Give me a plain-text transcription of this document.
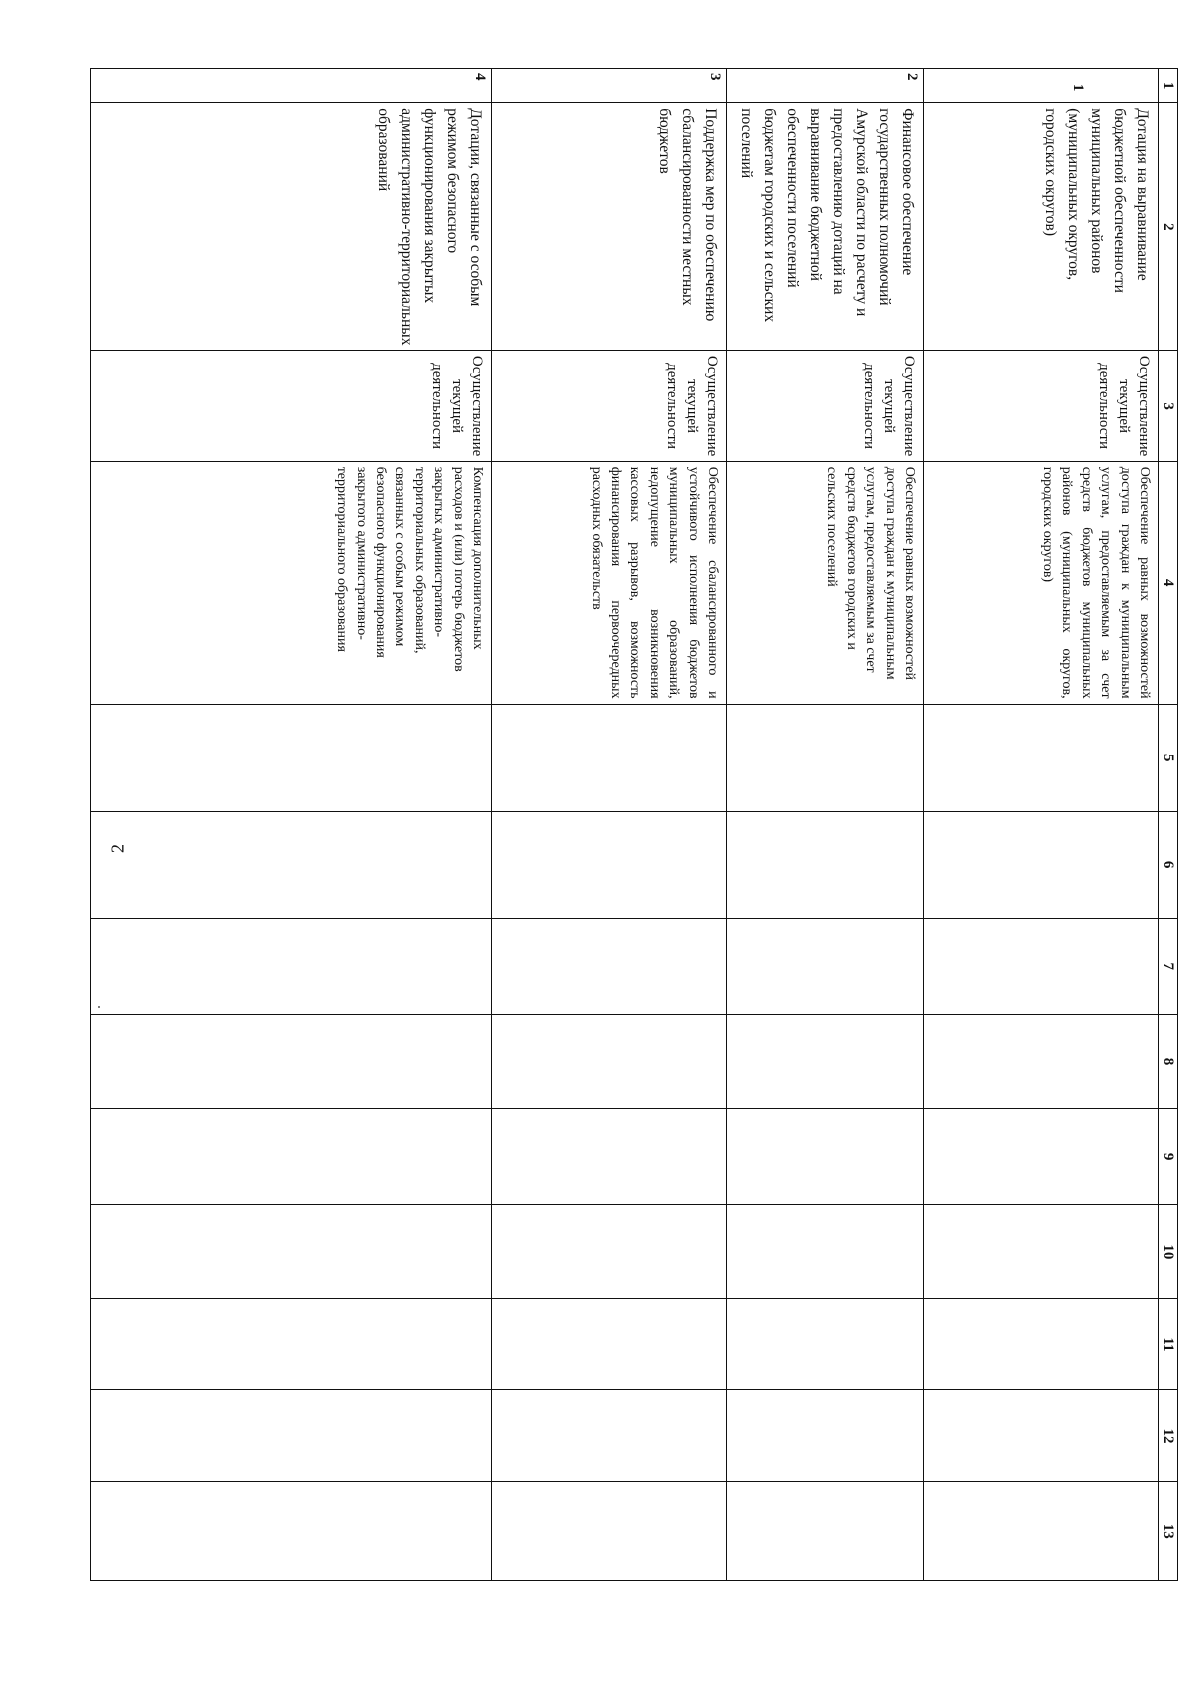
2
1	2	3	4	5	6	7	8	9	10	11	12	13
1	Дотация на выравнивание бюджетной обеспеченности муниципальных районов (муниципальных округов, городских округов)	Осуществление текущей деятельности	Обеспечение равных возможностей доступа граждан к муниципальным услугам, предоставляемым за счет средств бюджетов муниципальных районов (муниципальных округов, городских округов)									
2	Финансовое обеспечение государственных полномочий Амурской области по расчету и предоставлению дотаций на выравнивание бюджетной обеспеченности поселений бюджетам городских и сельских поселений	Осуществление текущей деятельности	Обеспечение равных возможностей доступа граждан к муниципальным услугам, предоставляемым за счет средств бюджетов городских и сельских поселений									
3	Поддержка мер по обеспечению сбалансированности местных бюджетов	Осуществление текущей деятельности	Обеспечение сбалансированного и устойчивого исполнения бюджетов муниципальных образований, недопущение возникновения кассовых разрывов, возможность финансирования первоочередных расходных обязательств									
4	Дотации, связанные с особым режимом безопасного функционирования закрытых административно-территориальных образований	Осуществление текущей деятельности	Компенсация дополнительных расходов и (или) потерь бюджетов закрытых административно-территориальных образований, связанных с особым режимом безопасного функционирования закрытого административно-территориального образования									
